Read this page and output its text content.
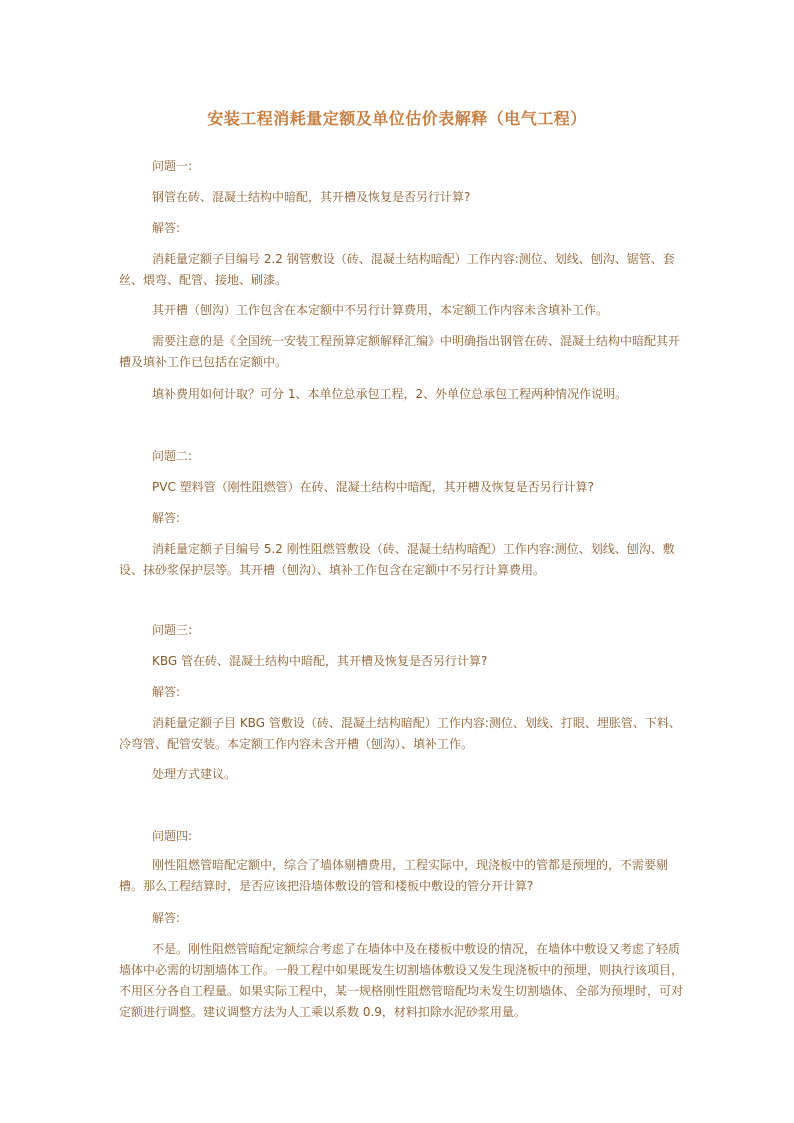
安装工程消耗量定额及单位估价表解释（电气工程）
问题一:
钢管在砖、混凝土结构中暗配，其开槽及恢复是否另行计算?
解答:
消耗量定额子目编号 2.2 钢管敷设（砖、混凝土结构暗配）工作内容:测位、划线、刨沟、锯管、套丝、煨弯、配管、接地、刷漆。
其开槽（刨沟）工作包含在本定额中不另行计算费用，本定额工作内容未含填补工作。
需要注意的是《全国统一安装工程预算定额解释汇编》中明确指出钢管在砖、混凝土结构中暗配其开槽及填补工作已包括在定额中。
填补费用如何计取？可分 1、本单位总承包工程，2、外单位总承包工程两种情况作说明。
问题二:
PVC 塑料管（刚性阻燃管）在砖、混凝土结构中暗配，其开槽及恢复是否另行计算?
解答:
消耗量定额子目编号 5.2 刚性阻燃管敷设（砖、混凝土结构暗配）工作内容:测位、划线、刨沟、敷设、抹砂浆保护层等。其开槽（刨沟）、填补工作包含在定额中不另行计算费用。
问题三:
KBG 管在砖、混凝土结构中暗配，其开槽及恢复是否另行计算?
解答:
消耗量定额子目 KBG 管敷设（砖、混凝土结构暗配）工作内容:测位、划线、打眼、埋胀管、下料、冷弯管、配管安装。本定额工作内容未含开槽（刨沟）、填补工作。
处理方式建议。
问题四:
刚性阻燃管暗配定额中，综合了墙体剔槽费用，工程实际中，现浇板中的管都是预埋的，不需要剔槽。那么工程结算时，是否应该把沿墙体敷设的管和楼板中敷设的管分开计算?
解答:
不是。刚性阻燃管暗配定额综合考虑了在墙体中及在楼板中敷设的情况，在墙体中敷设又考虑了轻质墙体中必需的切割墙体工作。一般工程中如果既发生切割墙体敷设又发生现浇板中的预埋，则执行该项目，不用区分各自工程量。如果实际工程中，某一规格刚性阻燃管暗配均未发生切割墙体、全部为预埋时，可对定额进行调整。建议调整方法为人工乘以系数 0.9，材料扣除水泥砂浆用量。
